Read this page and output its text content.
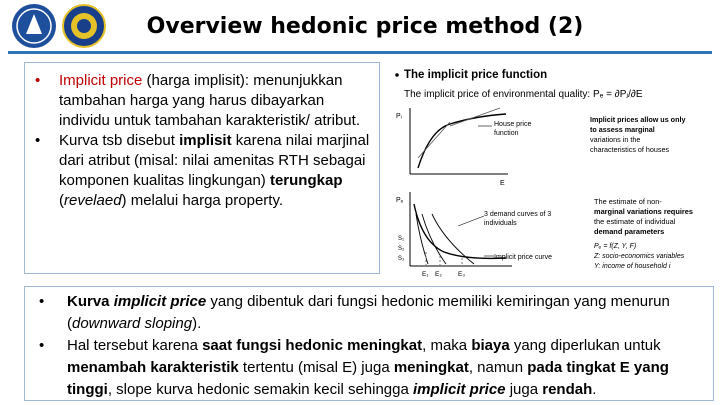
Overview hedonic price method (2)
• Implicit price (harga implisit): menunjukkan tambahan harga yang harus dibayarkan individu untuk tambahan karakteristik/ atribut.
• Kurva tsb disebut implisit karena nilai marjinal dari atribut (misal: nilai amenitas RTH sebagai komponen kualitas lingkungan) terungkap (revelaed) melalui harga property.
The implicit price function
The implicit price of environmental quality: Pₑ = ∂Pⱼ/∂E
Pᵢ
E
House price
function
Implicit prices allow us only
to assess marginal
variations in the
characteristics of houses
Pₑ
S₁
S₂
S₃
E₁ E₂ E₃
3 demand curves of 3
individuals
Implicit price curve
The estimate of non-
marginal variations requires
the estimate of individual
demand parameters
Pₑ = f(Z, Y, F)
Z: socio-economics variables
Y: income of household i
• Kurva implicit price yang dibentuk dari fungsi hedonic memiliki kemiringan yang menurun (downward sloping).
• Hal tersebut karena saat fungsi hedonic meningkat, maka biaya yang diperlukan untuk menambah karakteristik tertentu (misal E) juga meningkat, namun pada tingkat E yang tinggi, slope kurva hedonic semakin kecil sehingga implicit price juga rendah.
